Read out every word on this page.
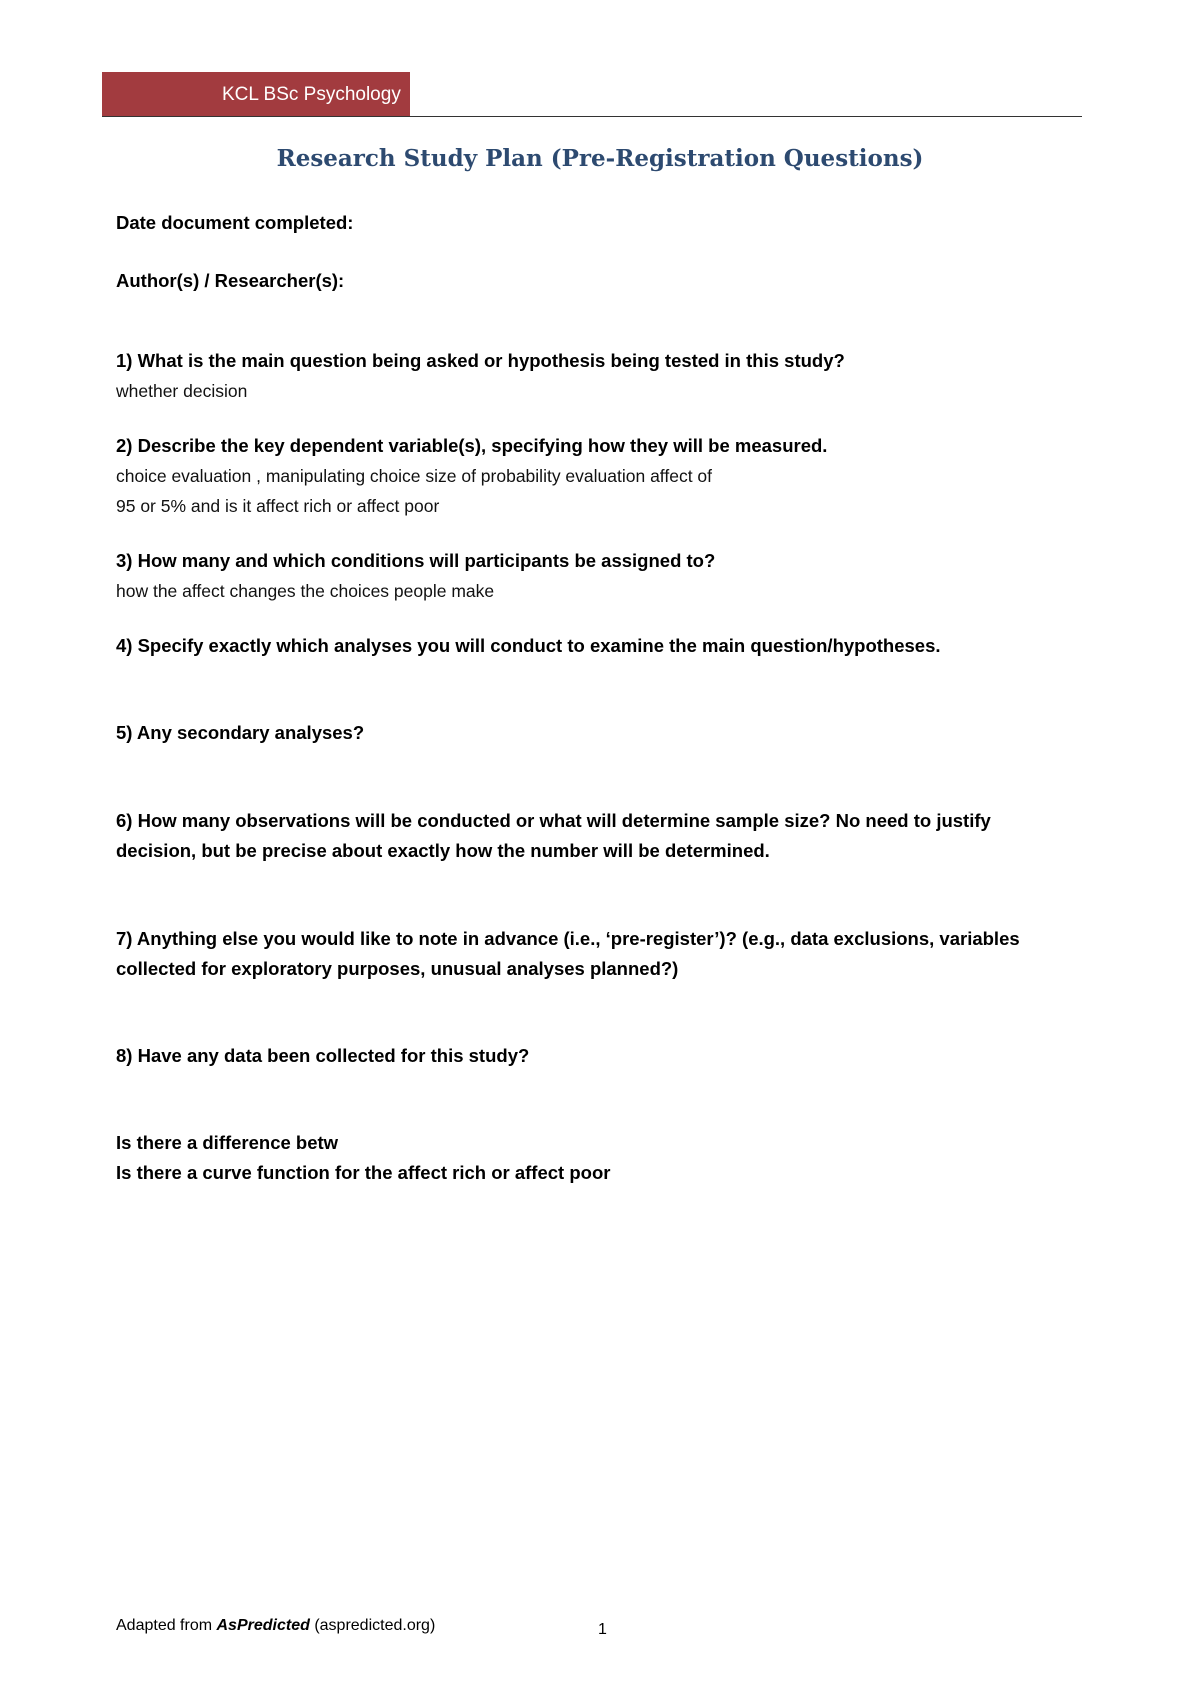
KCL BSc Psychology
Research Study Plan (Pre-Registration Questions)

Date document completed:

Author(s) / Researcher(s):

1) What is the main question being asked or hypothesis being tested in this study?

whether decision

2) Describe the key dependent variable(s), specifying how they will be measured.

choice evaluation , manipulating choice size of probability evaluation affect of

95 or 5% and is it affect rich or affect poor

3) How many and which conditions will participants be assigned to?

how the affect changes the choices people make

4) Specify exactly which analyses you will conduct to examine the main question/hypotheses.

5) Any secondary analyses?

6) How many observations will be conducted or what will determine sample size? No need to justify decision, but be precise about exactly how the number will be determined.

7) Anything else you would like to note in advance (i.e., ‘pre-register’)? (e.g., data exclusions, variables collected for exploratory purposes, unusual analyses planned?)

8) Have any data been collected for this study?

Is there a difference betw

Is there a curve function for the affect rich or affect poor

Adapted from AsPredicted (aspredicted.org)	1
